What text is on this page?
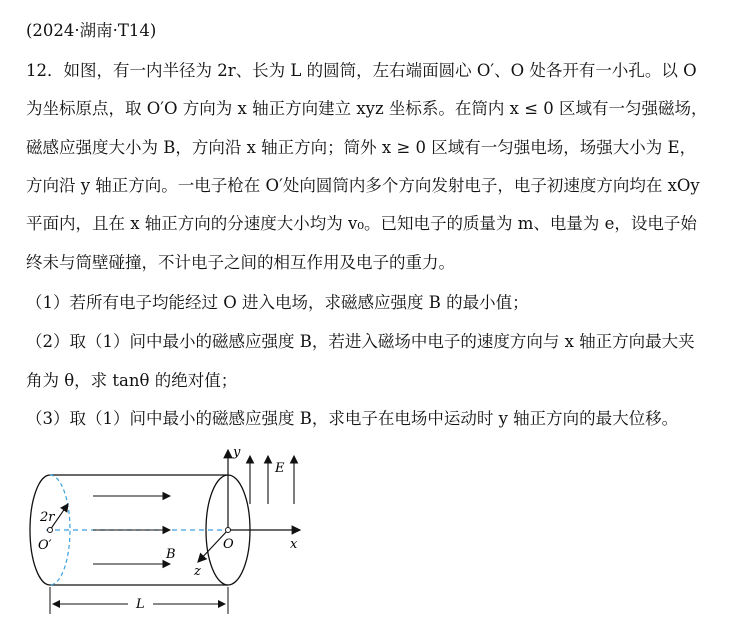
(2024·湖南·T14)
12．如图，有一内半径为 2r、长为 L 的圆筒，左右端面圆心 O′、O 处各开有一小孔。以 O
为坐标原点，取 O′O 方向为 x 轴正方向建立 xyz 坐标系。在筒内 x ≤ 0 区域有一匀强磁场，
磁感应强度大小为 B，方向沿 x 轴正方向；筒外 x ≥ 0 区域有一匀强电场，场强大小为 E，
方向沿 y 轴正方向。一电子枪在 O′处向圆筒内多个方向发射电子，电子初速度方向均在 xOy
平面内，且在 x 轴正方向的分速度大小均为 v₀。已知电子的质量为 m、电量为 e，设电子始
终未与筒壁碰撞，不计电子之间的相互作用及电子的重力。
（1）若所有电子均能经过 O 进入电场，求磁感应强度 B 的最小值；
（2）取（1）问中最小的磁感应强度 B，若进入磁场中电子的速度方向与 x 轴正方向最大夹
角为 θ，求 tanθ 的绝对值；
（3）取（1）问中最小的磁感应强度 B，求电子在电场中运动时 y 轴正方向的最大位移。
y
E
2r
O′	O	x
B
z
L
